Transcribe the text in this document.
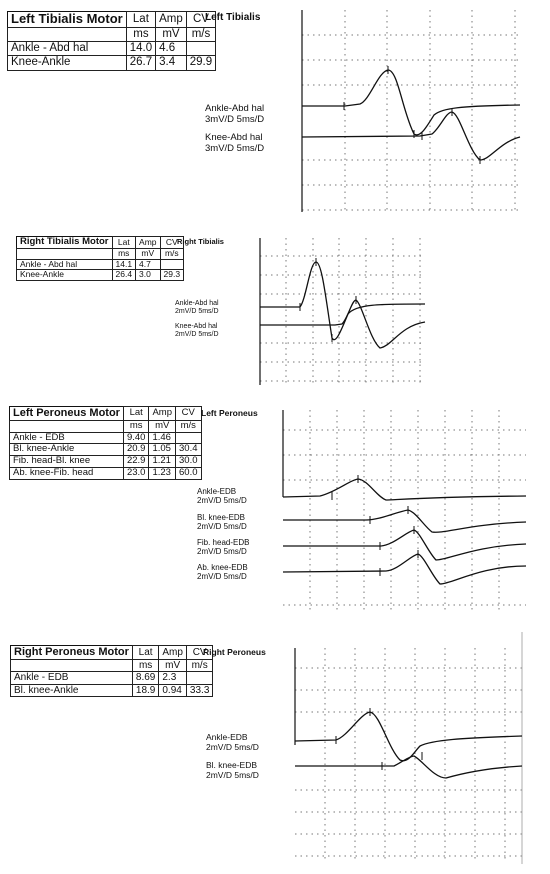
Left Tibialis Motor	Lat	Amp	CV
	ms	mV	m/s
Ankle - Abd hal	14.0	4.6	
Knee-Ankle	26.7	3.4	29.9
Left Tibialis
Ankle-Abd hal
3mV/D 5ms/D
Knee-Abd hal
3mV/D 5ms/D
Right Tibialis Motor	Lat	Amp	CV
	ms	mV	m/s
Ankle - Abd hal	14.1	4.7	
Knee-Ankle	26.4	3.0	29.3
Right Tibialis
Ankle-Abd hal
2mV/D 5ms/D
Knee-Abd hal
2mV/D 5ms/D
Left Peroneus Motor	Lat	Amp	CV
	ms	mV	m/s
Ankle - EDB	9.40	1.46	
Bl. knee-Ankle	20.9	1.05	30.4
Fib. head-Bl. knee	22.9	1.21	30.0
Ab. knee-Fib. head	23.0	1.23	60.0
Left Peroneus
Ankle-EDB
2mV/D 5ms/D
Bl. knee-EDB
2mV/D 5ms/D
Fib. head-EDB
2mV/D 5ms/D
Ab. knee-EDB
2mV/D 5ms/D
Right Peroneus Motor	Lat	Amp	CV
	ms	mV	m/s
Ankle - EDB	8.69	2.3	
Bl. knee-Ankle	18.9	0.94	33.3
Right Peroneus
Ankle-EDB
2mV/D 5ms/D
Bl. knee-EDB
2mV/D 5ms/D
